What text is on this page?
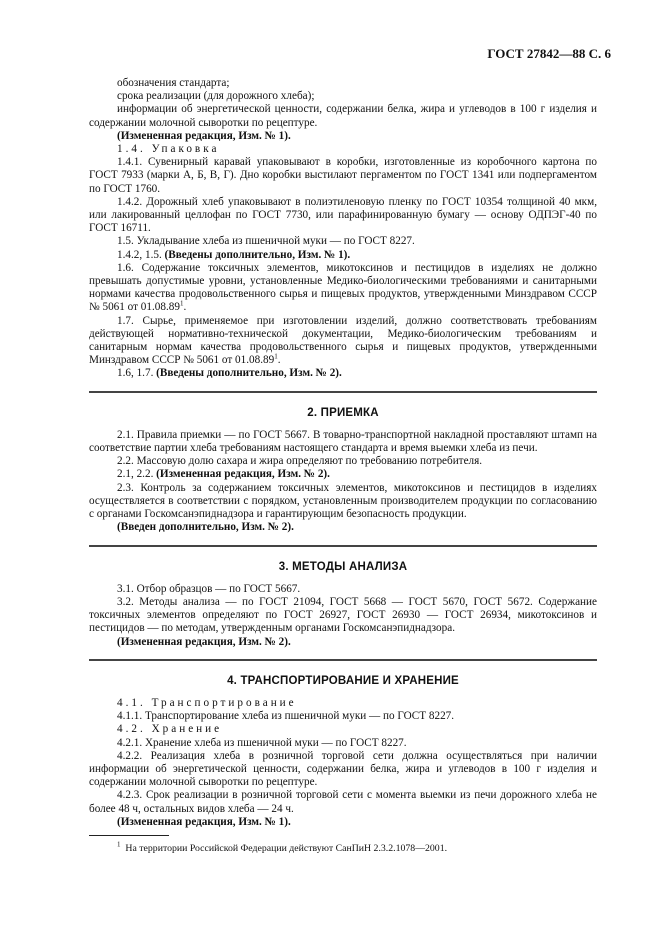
ГОСТ 27842—88 С. 6

обозначения стандарта;

срока реализации (для дорожного хлеба);

информации об энергетической ценности, содержании белка, жира и углеводов в 100 г изделия и содержании молочной сыворотки по рецептуре.

(Измененная редакция, Изм. № 1).

1.4. Упаковка

1.4.1. Сувенирный каравай упаковывают в коробки, изготовленные из коробочного картона по ГОСТ 7933 (марки А, Б, В, Г). Дно коробки выстилают пергаментом по ГОСТ 1341 или подпергаментом по ГОСТ 1760.

1.4.2. Дорожный хлеб упаковывают в полиэтиленовую пленку по ГОСТ 10354 толщиной 40 мкм, или лакированный целлофан по ГОСТ 7730, или парафинированную бумагу — основу ОДПЭГ-40 по ГОСТ 16711.

1.5. Укладывание хлеба из пшеничной муки — по ГОСТ 8227.

1.4.2, 1.5. (Введены дополнительно, Изм. № 1).

1.6. Содержание токсичных элементов, микотоксинов и пестицидов в изделиях не должно превышать допустимые уровни, установленные Медико-биологическими требованиями и санитарными нормами качества продовольственного сырья и пищевых продуктов, утвержденными Минздравом СССР № 5061 от 01.08.89$^1$.

1.7. Сырье, применяемое при изготовлении изделий, должно соответствовать требованиям действующей нормативно-технической документации, Медико-биологическим требованиям и санитарным нормам качества продовольственного сырья и пищевых продуктов, утвержденными Минздравом СССР № 5061 от 01.08.89$^1$.

1.6, 1.7. (Введены дополнительно, Изм. № 2).

2. ПРИЕМКА

2.1. Правила приемки — по ГОСТ 5667. В товарно-транспортной накладной проставляют штамп на соответствие партии хлеба требованиям настоящего стандарта и время выемки хлеба из печи.

2.2. Массовую долю сахара и жира определяют по требованию потребителя.

2.1, 2.2. (Измененная редакция, Изм. № 2).

2.3. Контроль за содержанием токсичных элементов, микотоксинов и пестицидов в изделиях осуществляется в соответствии с порядком, установленным производителем продукции по согласованию с органами Госкомсанэпиднадзора и гарантирующим безопасность продукции.

(Введен дополнительно, Изм. № 2).

3. МЕТОДЫ АНАЛИЗА

3.1. Отбор образцов — по ГОСТ 5667.

3.2. Методы анализа — по ГОСТ 21094, ГОСТ 5668 — ГОСТ 5670, ГОСТ 5672. Содержание токсичных элементов определяют по ГОСТ 26927, ГОСТ 26930 — ГОСТ 26934, микотоксинов и пестицидов — по методам, утвержденным органами Госкомсанэпиднадзора.

(Измененная редакция, Изм. № 2).

4. ТРАНСПОРТИРОВАНИЕ И ХРАНЕНИЕ

4.1. Транспортирование

4.1.1. Транспортирование хлеба из пшеничной муки — по ГОСТ 8227.

4.2. Хранение

4.2.1. Хранение хлеба из пшеничной муки — по ГОСТ 8227.

4.2.2. Реализация хлеба в розничной торговой сети должна осуществляться при наличии информации об энергетической ценности, содержании белка, жира и углеводов в 100 г изделия и содержании молочной сыворотки по рецептуре.

4.2.3. Срок реализации в розничной торговой сети с момента выемки из печи дорожного хлеба не более 48 ч, остальных видов хлеба — 24 ч.

(Измененная редакция, Изм. № 1).

$^1$ На территории Российской Федерации действуют СанПиН 2.3.2.1078—2001.
